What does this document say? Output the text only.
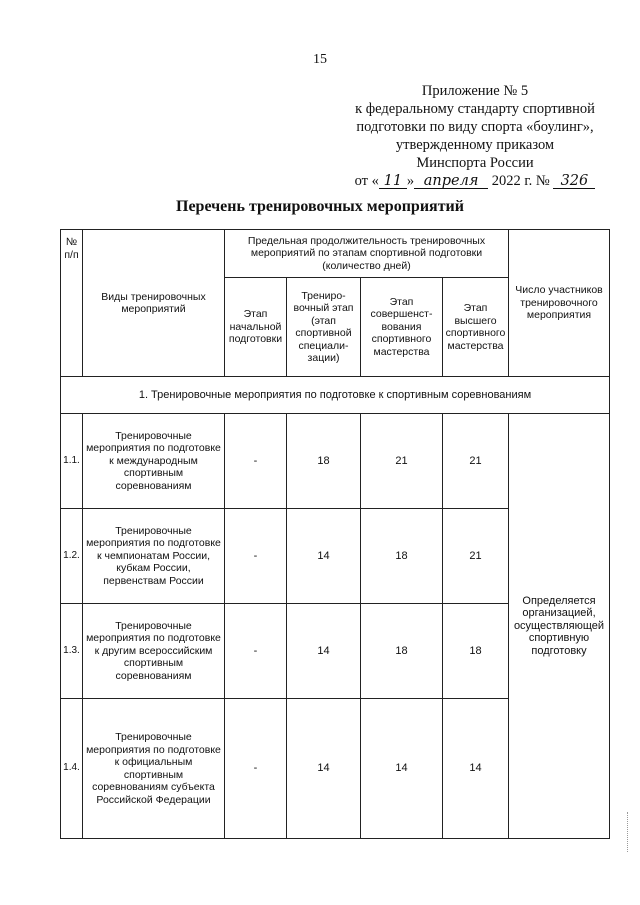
15
Приложение № 5
к федеральному стандарту спортивной
подготовки по виду спорта «боулинг»,
утвержденному приказом
Минспорта России
от « 11 » апреля 2022 г. № 326
Перечень тренировочных мероприятий
№ п/п	Виды тренировочных мероприятий	Предельная продолжительность тренировочных мероприятий по этапам спортивной подготовки (количество дней)				Число участников тренировочного мероприятия
		Этап начальной подготовки	Трениро-вочный этап (этап спортивной специали-зации)	Этап совершенст-вования спортивного мастерства	Этап высшего спортивного мастерства	
1. Тренировочные мероприятия по подготовке к спортивным соревнованиям						
1.1.	Тренировочные мероприятия по подготовке к международным спортивным соревнованиям	-	18	21	21	Определяется организацией, осуществляющей спортивную подготовку
1.2.	Тренировочные мероприятия по подготовке к чемпионатам России, кубкам России, первенствам России	-	14	18	21	
1.3.	Тренировочные мероприятия по подготовке к другим всероссийским спортивным соревнованиям	-	14	18	18	
1.4.	Тренировочные мероприятия по подготовке к официальным спортивным соревнованиям субъекта Российской Федерации	-	14	14	14	
